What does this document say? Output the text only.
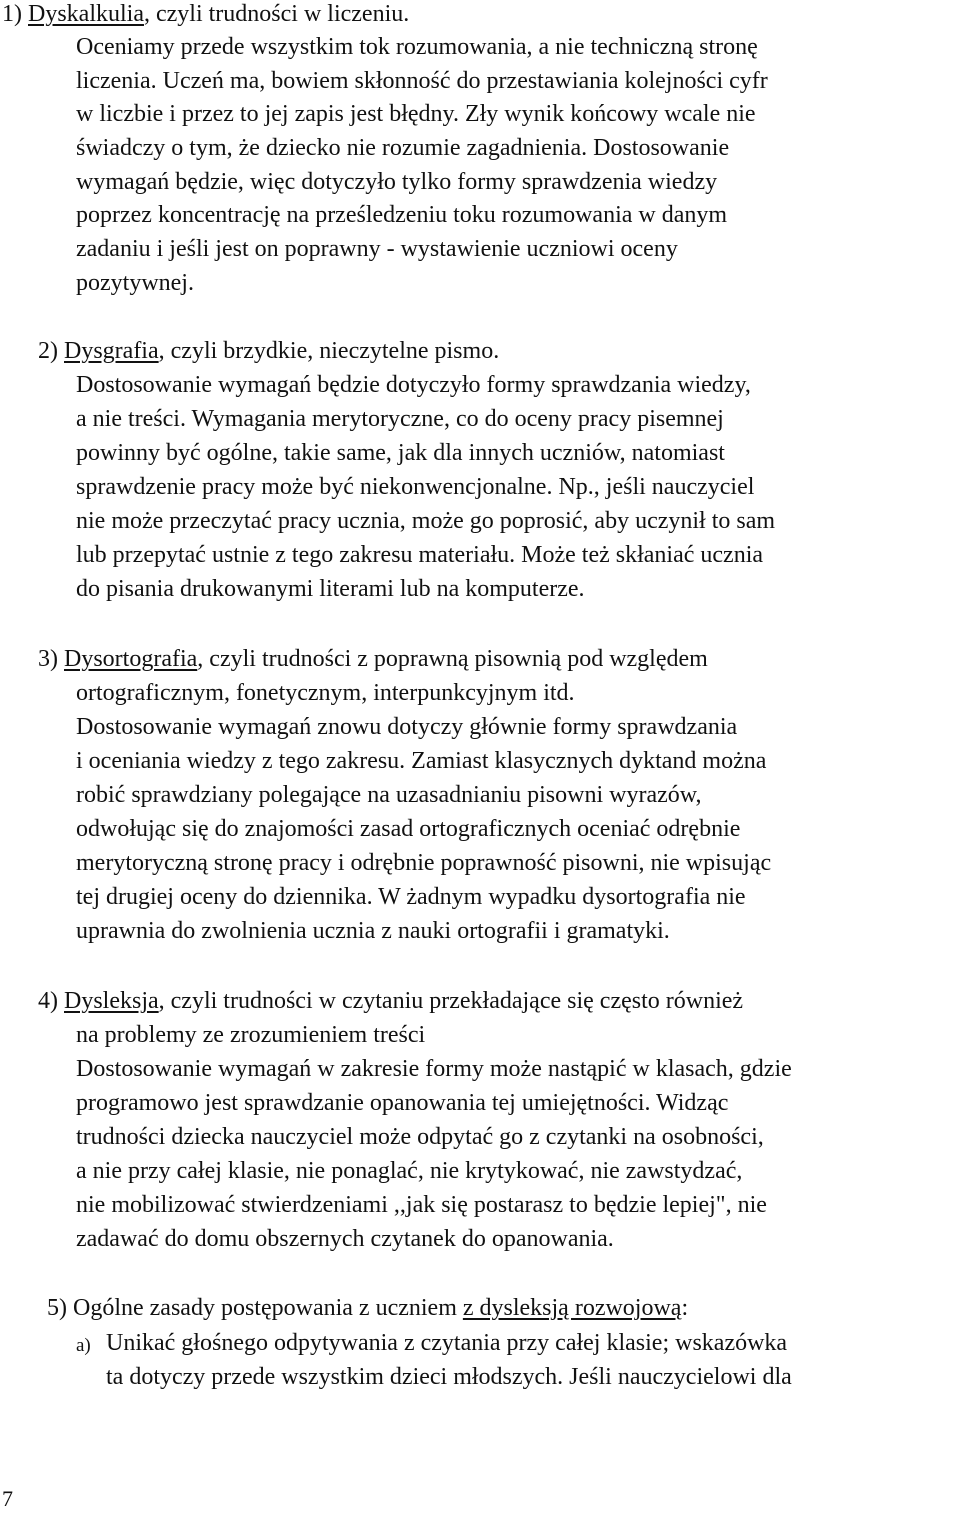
1) Dyskalkulia, czyli trudności w liczeniu.
Oceniamy przede wszystkim tok rozumowania, a nie techniczną stronę
liczenia. Uczeń ma, bowiem skłonność do przestawiania kolejności cyfr
w liczbie i przez to jej zapis jest błędny. Zły wynik końcowy wcale nie
świadczy o tym, że dziecko nie rozumie zagadnienia. Dostosowanie
wymagań będzie, więc dotyczyło tylko formy sprawdzenia wiedzy
poprzez koncentrację na prześledzeniu toku rozumowania w danym
zadaniu i jeśli jest on poprawny - wystawienie uczniowi oceny
pozytywnej.
2) Dysgrafia, czyli brzydkie, nieczytelne pismo.
Dostosowanie wymagań będzie dotyczyło formy sprawdzania wiedzy,
a nie treści. Wymagania merytoryczne, co do oceny pracy pisemnej
powinny być ogólne, takie same, jak dla innych uczniów, natomiast
sprawdzenie pracy może być niekonwencjonalne. Np., jeśli nauczyciel
nie może przeczytać pracy ucznia, może go poprosić, aby uczynił to sam
lub przepytać ustnie z tego zakresu materiału. Może też skłaniać ucznia
do pisania drukowanymi literami lub na komputerze.
3) Dysortografia, czyli trudności z poprawną pisownią pod względem
ortograficznym, fonetycznym, interpunkcyjnym itd.
Dostosowanie wymagań znowu dotyczy głównie formy sprawdzania
i oceniania wiedzy z tego zakresu. Zamiast klasycznych dyktand można
robić sprawdziany polegające na uzasadnianiu pisowni wyrazów,
odwołując się do znajomości zasad ortograficznych oceniać odrębnie
merytoryczną stronę pracy i odrębnie poprawność pisowni, nie wpisując
tej drugiej oceny do dziennika. W żadnym wypadku dysortografia nie
uprawnia do zwolnienia ucznia z nauki ortografii i gramatyki.
4) Dysleksja, czyli trudności w czytaniu przekładające się często również
na problemy ze zrozumieniem treści
Dostosowanie wymagań w zakresie formy może nastąpić w klasach, gdzie
programowo jest sprawdzanie opanowania tej umiejętności. Widząc
trudności dziecka nauczyciel może odpytać go z czytanki na osobności,
a nie przy całej klasie, nie ponaglać, nie krytykować, nie zawstydzać,
nie mobilizować stwierdzeniami ,,jak się postarasz to będzie lepiej", nie
zadawać do domu obszernych czytanek do opanowania.
5) Ogólne zasady postępowania z uczniem z dysleksją rozwojową:
a) Unikać głośnego odpytywania z czytania przy całej klasie; wskazówka
ta dotyczy przede wszystkim dzieci młodszych. Jeśli nauczycielowi dla
7
